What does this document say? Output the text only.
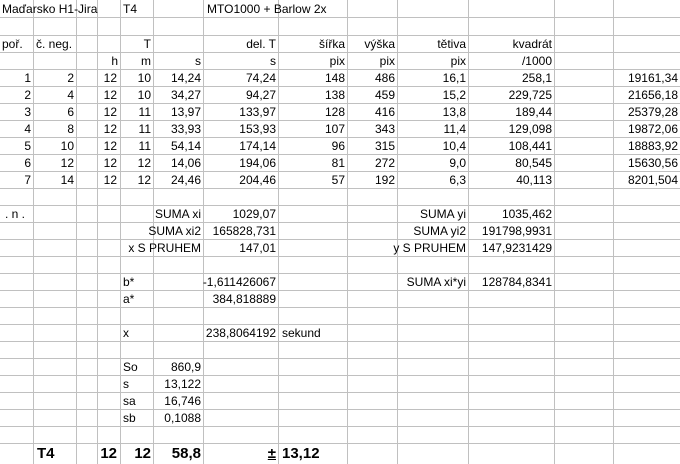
Maďarsko H1-Jira T4	MTO1000 + Barlow 2x
poř. č. neg.	T	del. T	šířka	výška	tětiva	kvadrát
h	m	s	s	pix	pix	pix	/1000
1	2	12	10	14,24	74,24	148	486	16,1	258,1	19161,34
2	4	12	10	34,27	94,27	138	459	15,2	229,725	21656,18
3	6	12	11	13,97	133,97	128	416	13,8	189,44	25379,28
4	8	12	11	33,93	153,93	107	343	11,4	129,098	19872,06
5	10	12	11	54,14	174,14	96	315	10,4	108,441	18883,92
6	12	12	12	14,06	194,06	81	272	9,0	80,545	15630,56
7	14	12	12	24,46	204,46	57	192	6,3	40,113	8201,504
. n .	SUMA xi	1029,07
SUMA xi2 165828,731
x S PRUHEM	147,01
SUMA yi	1035,462
SUMA yi2	191798,9931
y S PRUHEM	147,9231429
b*	-1,611426067
a*	384,818889
SUMA xi*yi	128784,8341
x	238,8064192 sekund
So	860,9
s	13,122
sa	16,746
sb	0,1088
T4	12	12	58,8	± 13,12
